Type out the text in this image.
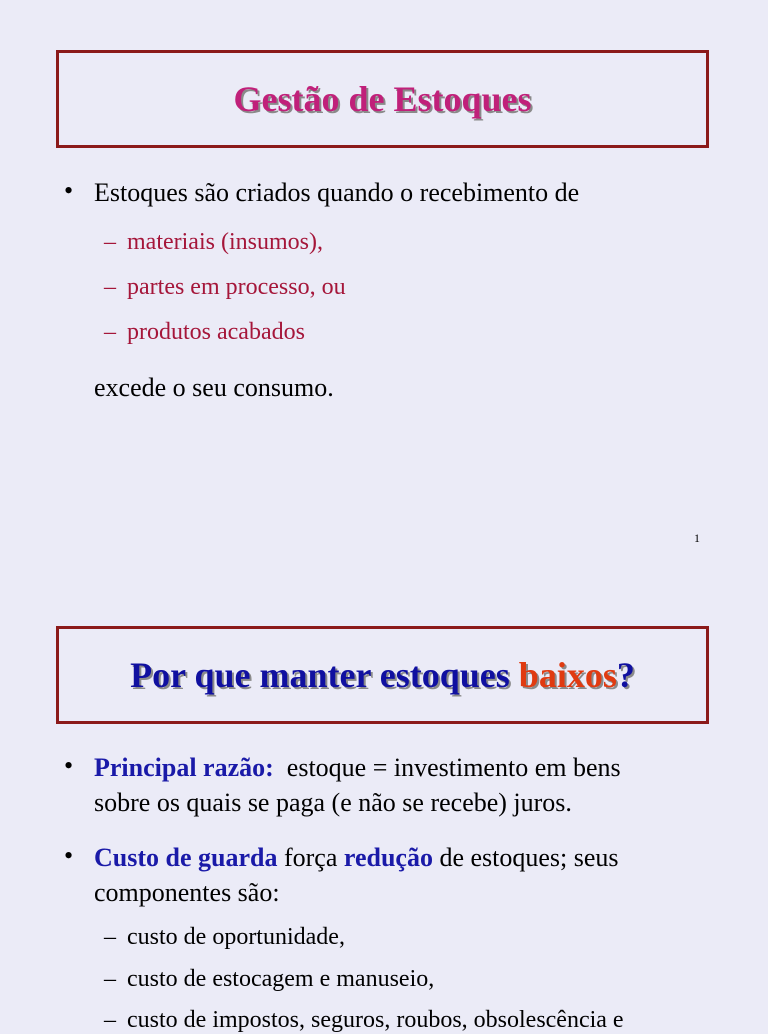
Gestão de Estoques
• Estoques são criados quando o recebimento de
– materiais (insumos),
– partes em processo, ou
– produtos acabados
excede o seu consumo.
1
Por que manter estoques baixos?
• Principal razão:  estoque = investimento em bens
sobre os quais se paga (e não se recebe) juros.
• Custo de guarda força redução de estoques; seus
componentes são:
– custo de oportunidade,
– custo de estocagem e manuseio,
– custo de impostos, seguros, roubos, obsolescência e
